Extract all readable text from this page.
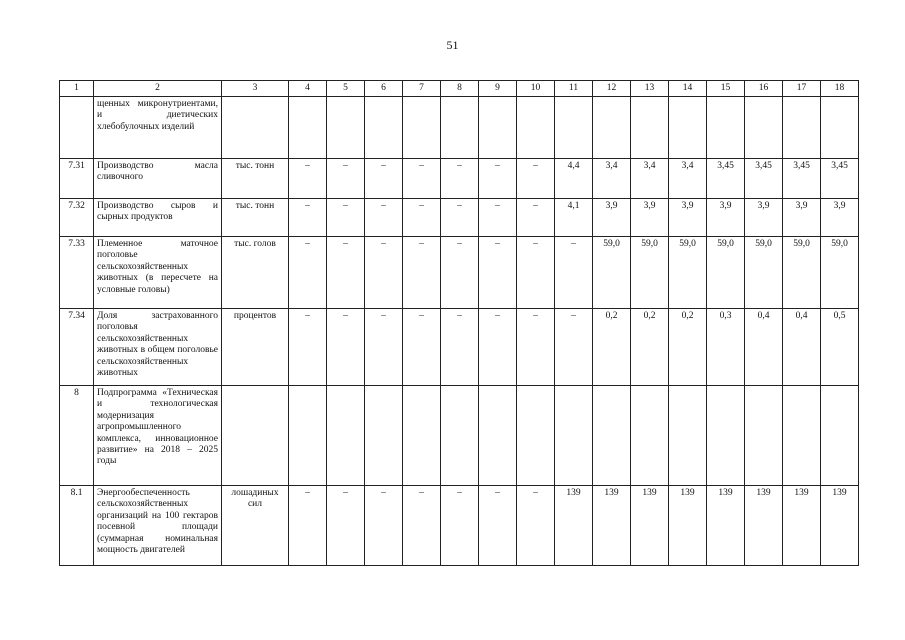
51
1	2	3	4	5	6	7	8	9	10	11	12	13	14	15	16	17	18
	щенных микронутриентами, и диетических хлебобулочных изделий																
7.31	Производство масла сливочного	тыс. тонн	–	–	–	–	–	–	–	4,4	3,4	3,4	3,4	3,45	3,45	3,45	3,45
7.32	Производство сыров и сырных продуктов	тыс. тонн	–	–	–	–	–	–	–	4,1	3,9	3,9	3,9	3,9	3,9	3,9	3,9
7.33	Племенное маточное поголовье сельскохозяйственных животных (в пересчете на условные головы)	тыс. голов	–	–	–	–	–	–	–	–	59,0	59,0	59,0	59,0	59,0	59,0	59,0
7.34	Доля застрахованного поголовья сельскохозяйственных животных в общем поголовье сельскохозяйственных животных	процентов	–	–	–	–	–	–	–	–	0,2	0,2	0,2	0,3	0,4	0,4	0,5
8	Подпрограмма «Техническая и технологическая модернизация агропромышленного комплекса, инновационное развитие» на 2018 – 2025 годы																
8.1	Энергообеспеченность сельскохозяйственных организаций на 100 гектаров посевной площади (суммарная номинальная мощность двигателей	лошадиных сил	–	–	–	–	–	–	–	139	139	139	139	139	139	139	139
